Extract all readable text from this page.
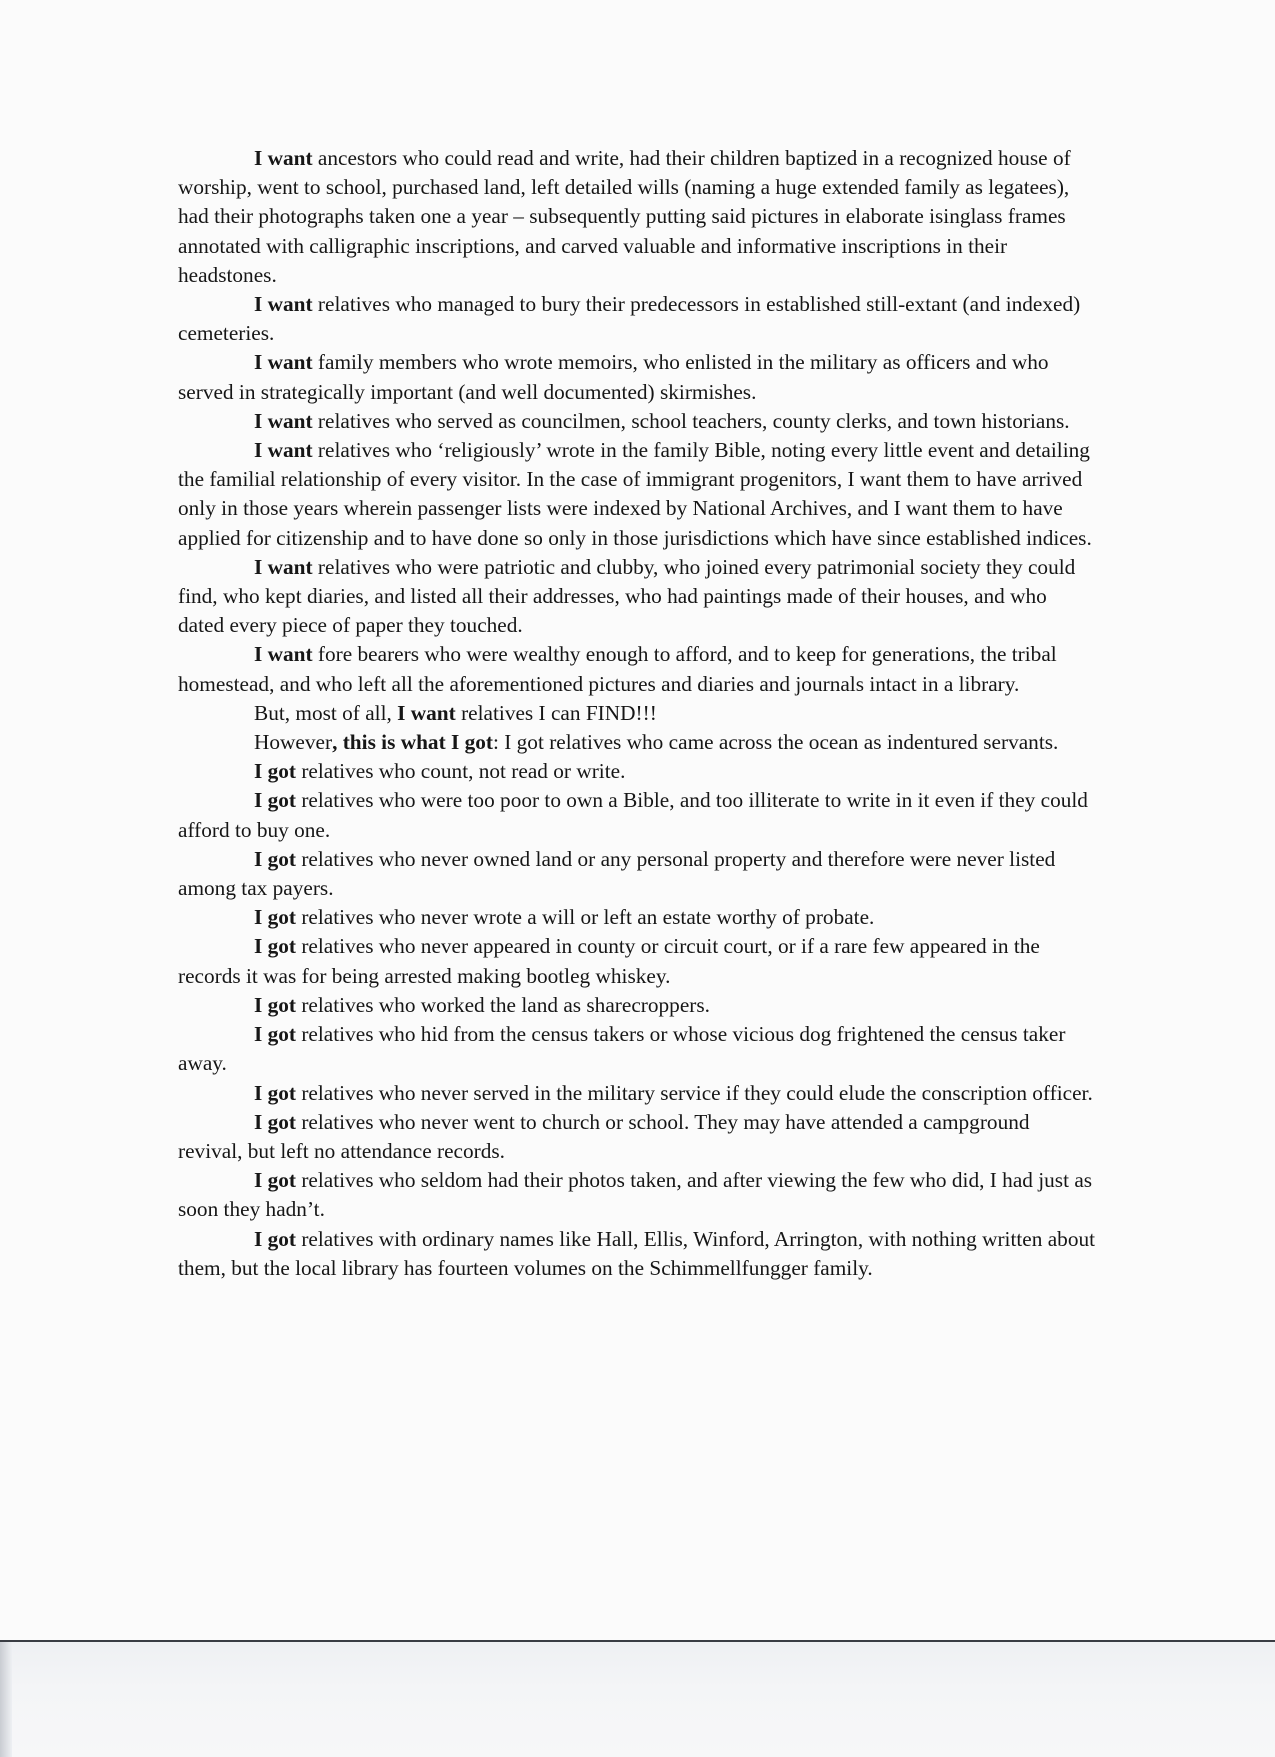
I want ancestors who could read and write, had their children baptized in a recognized house of worship, went to school, purchased land, left detailed wills (naming a huge extended family as legatees), had their photographs taken one a year – subsequently putting said pictures in elaborate isinglass frames annotated with calligraphic inscriptions, and carved valuable and informative inscriptions in their headstones.

I want relatives who managed to bury their predecessors in established still-extant (and indexed) cemeteries.

I want family members who wrote memoirs, who enlisted in the military as officers and who served in strategically important (and well documented) skirmishes.

I want relatives who served as councilmen, school teachers, county clerks, and town historians.

I want relatives who ‘religiously’ wrote in the family Bible, noting every little event and detailing the familial relationship of every visitor. In the case of immigrant progenitors, I want them to have arrived only in those years wherein passenger lists were indexed by National Archives, and I want them to have applied for citizenship and to have done so only in those jurisdictions which have since established indices.

I want relatives who were patriotic and clubby, who joined every patrimonial society they could find, who kept diaries, and listed all their addresses, who had paintings made of their houses, and who dated every piece of paper they touched.

I want fore bearers who were wealthy enough to afford, and to keep for generations, the tribal homestead, and who left all the aforementioned pictures and diaries and journals intact in a library.

But, most of all, I want relatives I can FIND!!!

However, this is what I got: I got relatives who came across the ocean as indentured servants.

I got relatives who count, not read or write.

I got relatives who were too poor to own a Bible, and too illiterate to write in it even if they could afford to buy one.

I got relatives who never owned land or any personal property and therefore were never listed among tax payers.

I got relatives who never wrote a will or left an estate worthy of probate.

I got relatives who never appeared in county or circuit court, or if a rare few appeared in the records it was for being arrested making bootleg whiskey.

I got relatives who worked the land as sharecroppers.

I got relatives who hid from the census takers or whose vicious dog frightened the census taker away.

I got relatives who never served in the military service if they could elude the conscription officer.

I got relatives who never went to church or school. They may have attended a campground revival, but left no attendance records.

I got relatives who seldom had their photos taken, and after viewing the few who did, I had just as soon they hadn’t.

I got relatives with ordinary names like Hall, Ellis, Winford, Arrington, with nothing written about them, but the local library has fourteen volumes on the Schimmellfungger family.
